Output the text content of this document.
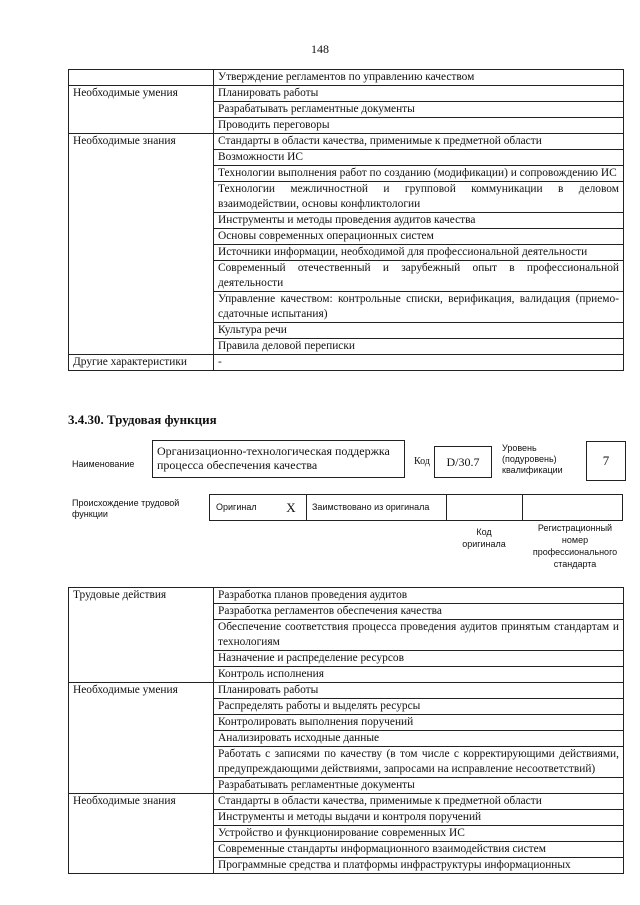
148
	Утверждение регламентов по управлению качеством
Необходимые умения	Планировать работы
	Разрабатывать регламентные документы
	Проводить переговоры
Необходимые знания	Стандарты в области качества, применимые к предметной области
	Возможности ИС
	Технологии выполнения работ по созданию (модификации) и сопровождению ИС
	Технологии межличностной и групповой коммуникации в деловом взаимодействии, основы конфликтологии
	Инструменты и методы проведения аудитов качества
	Основы современных операционных систем
	Источники информации, необходимой для профессиональной деятельности
	Современный отечественный и зарубежный опыт в профессиональной деятельности
	Управление качеством: контрольные списки, верификация, валидация (приемо-сдаточные испытания)
	Культура речи
	Правила деловой переписки
Другие характеристики	-
3.4.30. Трудовая функция
Наименование
Организационно-технологическая поддержка процесса обеспечения качества	Код	D/30.7
Уровень (подуровень) квалификации
7
Происхождение трудовой функции
Оригинал	X	Заимствовано из оригинала
Код оригинала
Регистрационный номер профессионального стандарта
Трудовые действия	Разработка планов проведения аудитов
	Разработка регламентов обеспечения качества
	Обеспечение соответствия процесса проведения аудитов принятым стандартам и технологиям
	Назначение и распределение ресурсов
	Контроль исполнения
Необходимые умения	Планировать работы
	Распределять работы и выделять ресурсы
	Контролировать выполнения поручений
	Анализировать исходные данные
	Работать с записями по качеству (в том числе с корректирующими действиями, предупреждающими действиями, запросами на исправление несоответствий)
	Разрабатывать регламентные документы
Необходимые знания	Стандарты в области качества, применимые к предметной области
	Инструменты и методы выдачи и контроля поручений
	Устройство и функционирование современных ИС
	Современные стандарты информационного взаимодействия систем
	Программные средства и платформы инфраструктуры информационных
